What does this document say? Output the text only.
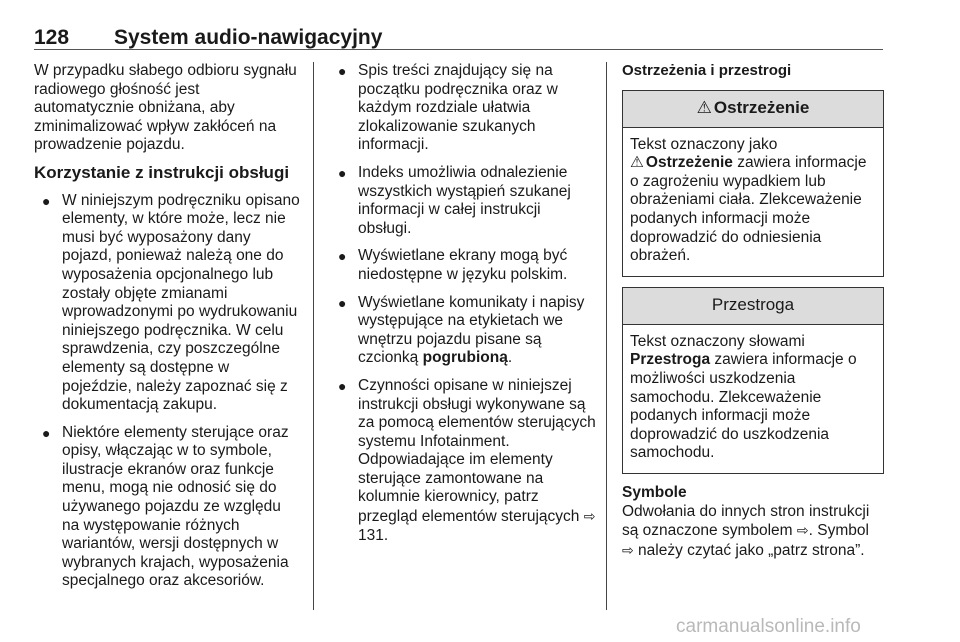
128 System audio-nawigacyjny

W przypadku słabego odbioru sygnału radiowego głośność jest automatycznie obniżana, aby zminimalizować wpływ zakłóceń na prowadzenie pojazdu.

Korzystanie z instrukcji obsługi

● W niniejszym podręczniku opisano elementy, w które może, lecz nie musi być wyposażony dany pojazd, ponieważ należą one do wyposażenia opcjonalnego lub zostały objęte zmianami wprowadzonymi po wydrukowaniu niniejszego podręcznika. W celu sprawdzenia, czy poszczególne elementy są dostępne w pojeździe, należy zapoznać się z dokumentacją zakupu.
● Niektóre elementy sterujące oraz opisy, włączając w to symbole, ilustracje ekranów oraz funkcje menu, mogą nie odnosić się do używanego pojazdu ze względu na występowanie różnych wariantów, wersji dostępnych w wybranych krajach, wyposażenia specjalnego oraz akcesoriów.
● Spis treści znajdujący się na początku podręcznika oraz w każdym rozdziale ułatwia zlokalizowanie szukanych informacji.
● Indeks umożliwia odnalezienie wszystkich wystąpień szukanej informacji w całej instrukcji obsługi.
● Wyświetlane ekrany mogą być niedostępne w języku polskim.
● Wyświetlane komunikaty i napisy występujące na etykietach we wnętrzu pojazdu pisane są czcionką pogrubioną.
● Czynności opisane w niniejszej instrukcji obsługi wykonywane są za pomocą elementów sterujących systemu Infotainment. Odpowiadające im elementy sterujące zamontowane na kolumnie kierownicy, patrz przegląd elementów sterujących ⇨ 131.

Ostrzeżenia i przestrogi

⚠ Ostrzeżenie
Tekst oznaczony jako ⚠ Ostrzeżenie zawiera informacje o zagrożeniu wypadkiem lub obrażeniami ciała. Zlekceważenie podanych informacji może doprowadzić do odniesienia obrażeń.
Przestroga
Tekst oznaczony słowami Przestroga zawiera informacje o możliwości uszkodzenia samochodu. Zlekceważenie podanych informacji może doprowadzić do uszkodzenia samochodu.

Symbole

Odwołania do innych stron instrukcji są oznaczone symbolem ⇨. Symbol
⇨ należy czytać jako „patrz strona”.

carmanualsonline.info
